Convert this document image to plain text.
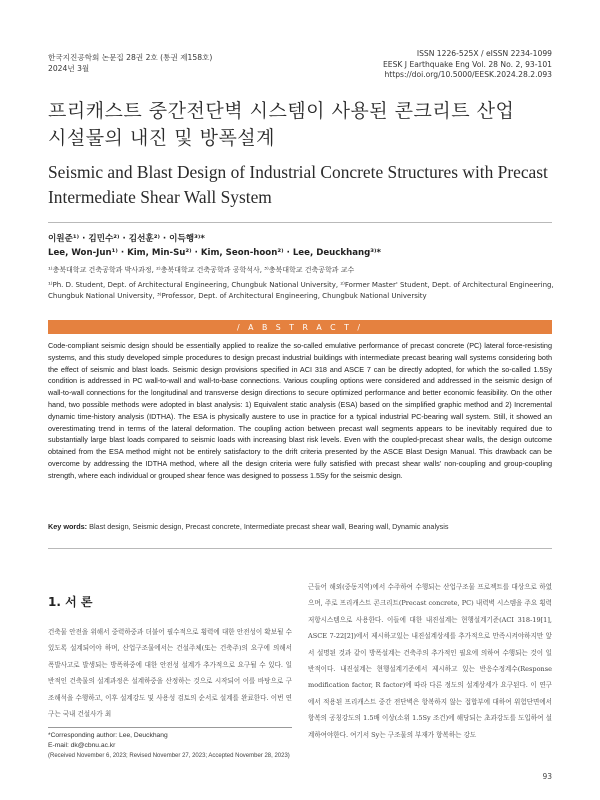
한국지진공학회 논문집 28권 2호 (통권 제158호)
2024년 3월
ISSN 1226-525X / eISSN 2234-1099
EESK J Earthquake Eng Vol. 28 No. 2, 93-101
https://doi.org/10.5000/EESK.2024.28.2.093
프리캐스트 중간전단벽 시스템이 사용된 콘크리트 산업
시설물의 내진 및 방폭설계
Seismic and Blast Design of Industrial Concrete Structures with Precast
Intermediate Shear Wall System
이원준¹⁾ · 김민수²⁾ · 김선훈²⁾ · 이득행³⁾*
Lee, Won-Jun¹⁾ · Kim, Min-Su²⁾ · Kim, Seon-hoon²⁾ · Lee, Deuckhang³⁾*
¹⁾충북대학교 건축공학과 박사과정, ²⁾충북대학교 건축공학과 공학석사, ³⁾충북대학교 건축공학과 교수
¹⁾Ph. D. Student, Dept. of Architectural Engineering, Chungbuk National University, ²⁾Former Master' Student, Dept. of Architectural Engineering,
Chungbuk National University, ³⁾Professor, Dept. of Architectural Engineering, Chungbuk National University
/ A B S T R A C T /
Code-compliant seismic design should be essentially applied to realize the so-called emulative performance of precast concrete (PC) lateral force-resisting systems, and this study developed simple procedures to design precast industrial buildings with intermediate precast bearing wall systems considering both the effect of seismic and blast loads. Seismic design provisions specified in ACI 318 and ASCE 7 can be directly adopted, for which the so-called 1.5Sy condition is addressed in PC wall-to-wall and wall-to-base connections. Various coupling options were considered and addressed in the seismic design of wall-to-wall connections for the longitudinal and transverse design directions to secure optimized performance and better economic feasibility. On the other hand, two possible methods were adopted in blast analysis: 1) Equivalent static analysis (ESA) based on the simplified graphic method and 2) Incremental dynamic time-history analysis (IDTHA). The ESA is physically austere to use in practice for a typical industrial PC-bearing wall system. Still, it showed an overestimating trend in terms of the lateral deformation. The coupling action between precast wall segments appears to be inevitably required due to substantially large blast loads compared to seismic loads with increasing blast risk levels. Even with the coupled-precast shear walls, the design outcome obtained from the ESA method might not be entirely satisfactory to the drift criteria presented by the ASCE Blast Design Manual. This drawback can be overcome by addressing the IDTHA method, where all the design criteria were fully satisfied with precast shear walls' non-coupling and group-coupling strength, where each individual or grouped shear fence was designed to possess 1.5Sy for the seismic design.
Key words: Blast design, Seismic design, Precast concrete, Intermediate precast shear wall, Bearing wall, Dynamic analysis
1. 서 론
건축물 안전을 위해서 중력하중과 더불어 필수적으로 횡력에 대한 안전성이 확보될 수 있도록 설계되어야 하며, 산업구조물에서는 건설주체(또는 건축주)의 요구에 의해서 폭발사고로 발생되는 방폭하중에 대한 안전성 설계가 추가적으로 요구될 수 있다. 일반적인 건축물의 설계과정은 설계하중을 산정하는 것으로 시작되어 이를 바탕으로 구조해석을 수행하고, 이후 설계강도 및 사용성 검토의 순서로 설계를 완료한다. 이번 연구는 국내 건설사가 최
근들어 해외(중동지역)에서 수주하여 수행되는 산업구조물 프로젝트를 대상으로 하였으며, 주로 프리캐스트 콘크리트(Precast concrete, PC) 내력벽 시스템을 주요 횡력저항시스템으로 사용한다. 이들에 대한 내진설계는 현행설계기준(ACI 318-19[1], ASCE 7-22[2])에서 제시하고있는 내진설계상세를 추가적으로 만족시켜야하지만 앞서 설명된 것과 같이 방폭설계는 건축주의 추가적인 필요에 의하여 수행되는 것이 일반적이다. 내진설계는 현행설계기준에서 제시하고 있는 반응수정계수(Response modification factor, R factor)에 따라 다른 정도의 설계상세가 요구된다. 이 연구에서 적용된 프리캐스트 중간 전단벽은 항복하지 않는 접합부에 대하여 위험단면에서 항복의 공칭강도의 1.5배 이상(소위 1.5Sy 조건)에 해당되는 초과강도를 도입하여 설계하여야한다. 여기서 Sy는 구조물의 부재가 항복하는 강도
*Corresponding author: Lee, Deuckhang
E-mail: dk@cbnu.ac.kr
(Received November 6, 2023; Revised November 27, 2023; Accepted November 28, 2023)
93
